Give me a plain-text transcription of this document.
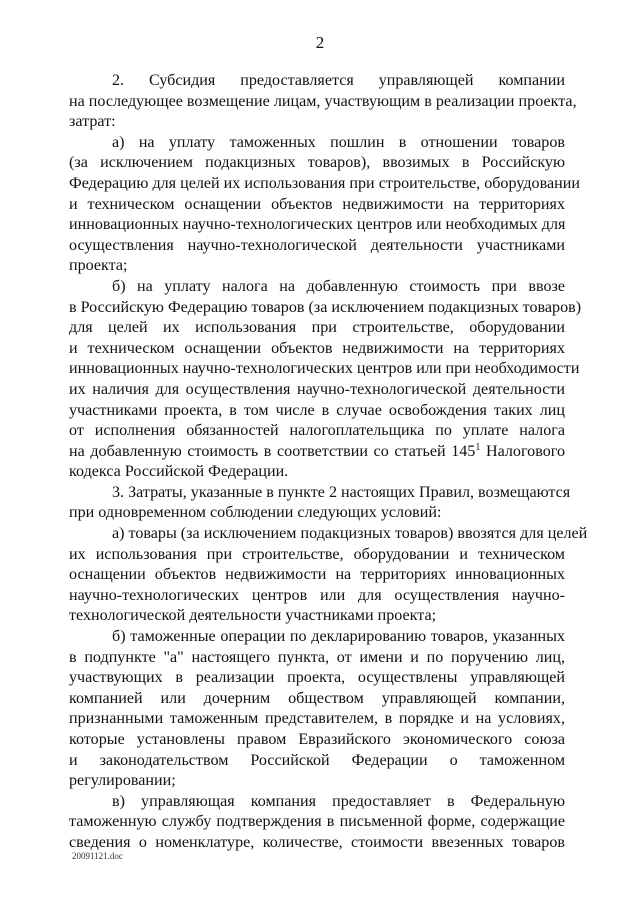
2
2. Субсидия предоставляется управляющей компании
на последующее возмещение лицам, участвующим в реализации проекта,
затрат:
а) на уплату таможенных пошлин в отношении товаров
(за исключением подакцизных товаров), ввозимых в Российскую
Федерацию для целей их использования при строительстве, оборудовании
и техническом оснащении объектов недвижимости на территориях
инновационных научно-технологических центров или необходимых для
осуществления научно-технологической деятельности участниками
проекта;
б) на уплату налога на добавленную стоимость при ввозе
в Российскую Федерацию товаров (за исключением подакцизных товаров)
для целей их использования при строительстве, оборудовании
и техническом оснащении объектов недвижимости на территориях
инновационных научно-технологических центров или при необходимости
их наличия для осуществления научно-технологической деятельности
участниками проекта, в том числе в случае освобождения таких лиц
от исполнения обязанностей налогоплательщика по уплате налога
на добавленную стоимость в соответствии со статьей $145^1$ Налогового
кодекса Российской Федерации.
3. Затраты, указанные в пункте 2 настоящих Правил, возмещаются
при одновременном соблюдении следующих условий:
а) товары (за исключением подакцизных товаров) ввозятся для целей
их использования при строительстве, оборудовании и техническом
оснащении объектов недвижимости на территориях инновационных
научно-технологических центров или для осуществления научно-
технологической деятельности участниками проекта;
б) таможенные операции по декларированию товаров, указанных
в подпункте "а" настоящего пункта, от имени и по поручению лиц,
участвующих в реализации проекта, осуществлены управляющей
компанией или дочерним обществом управляющей компании,
признанными таможенным представителем, в порядке и на условиях,
которые установлены правом Евразийского экономического союза
и законодательством Российской Федерации о таможенном
регулировании;
в) управляющая компания предоставляет в Федеральную
таможенную службу подтверждения в письменной форме, содержащие
сведения о номенклатуре, количестве, стоимости ввезенных товаров
20091121.doc
